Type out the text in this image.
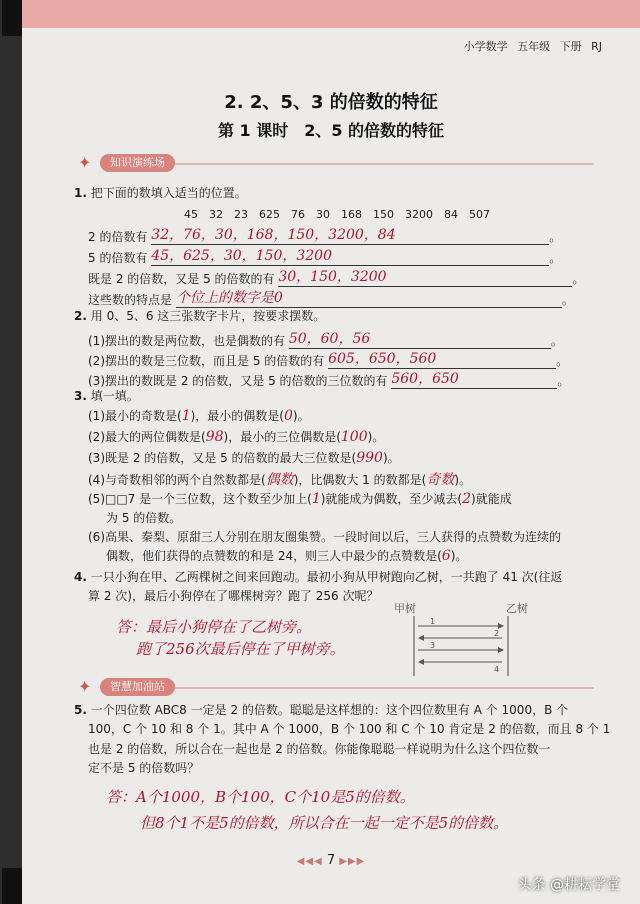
小学数学 五年级 下册 RJ
2. 2、5、3 的倍数的特征
第 1 课时　2、5 的倍数的特征
✦	知识演练场
1. 把下面的数填入适当的位置。
45　32　23　625　76　30　168　150　3200　84　507
2 的倍数有 32，76，30，168，150，3200，84	。
5 的倍数有 45，625，30，150，3200	。
既是 2 的倍数，又是 5 的倍数的有 30，150，3200	。
这些数的特点是 个位上的数字是0	。
2. 用 0、5、6 这三张数字卡片，按要求摆数。
(1)摆出的数是两位数，也是偶数的有 50，60，56	。
(2)摆出的数是三位数，而且是 5 的倍数的有 605，650，560	。
(3)摆出的数既是 2 的倍数，又是 5 的倍数的三位数的有 560，650	。
3. 填一填。
(1)最小的奇数是(1)，最小的偶数是(0)。
(2)最大的两位偶数是(98)，最小的三位偶数是(100)。
(3)既是 2 的倍数，又是 5 的倍数的最大三位数是(990)。
(4)与奇数相邻的两个自然数都是(偶数)，比偶数大 1 的数都是(奇数)。
(5)□□7 是一个三位数，这个数至少加上(1)就能成为偶数，至少减去(2)就能成
为 5 的倍数。
(6)高果、秦梨、原甜三人分别在朋友圈集赞。一段时间以后，三人获得的点赞数为连续的
偶数，他们获得的点赞数的和是 24，则三人中最少的点赞数是(6)。
4. 一只小狗在甲、乙两棵树之间来回跑动。最初小狗从甲树跑向乙树，一共跑了 41 次(往返
算 2 次)，最后小狗停在了哪棵树旁？跑了 256 次呢？
答：最后小狗停在了乙树旁。
跑了256次最后停在了甲树旁。
甲树	乙树
1
2
3
4
✦	智慧加油站
5. 一个四位数 ABC8 一定是 2 的倍数。聪聪是这样想的：这个四位数里有 A 个 1000，B 个
100，C 个 10 和 8 个 1。其中 A 个 1000，B 个 100 和 C 个 10 肯定是 2 的倍数，而且 8 个 1
也是 2 的倍数，所以合在一起也是 2 的倍数。你能像聪聪一样说明为什么这个四位数一
定不是 5 的倍数吗？
答：A个1000，B个100，C个10是5的倍数。
但8个1不是5的倍数，所以合在一起一定不是5的倍数。
◀◀◀ 7 ▶▶▶
头条 @耕耘学堂
